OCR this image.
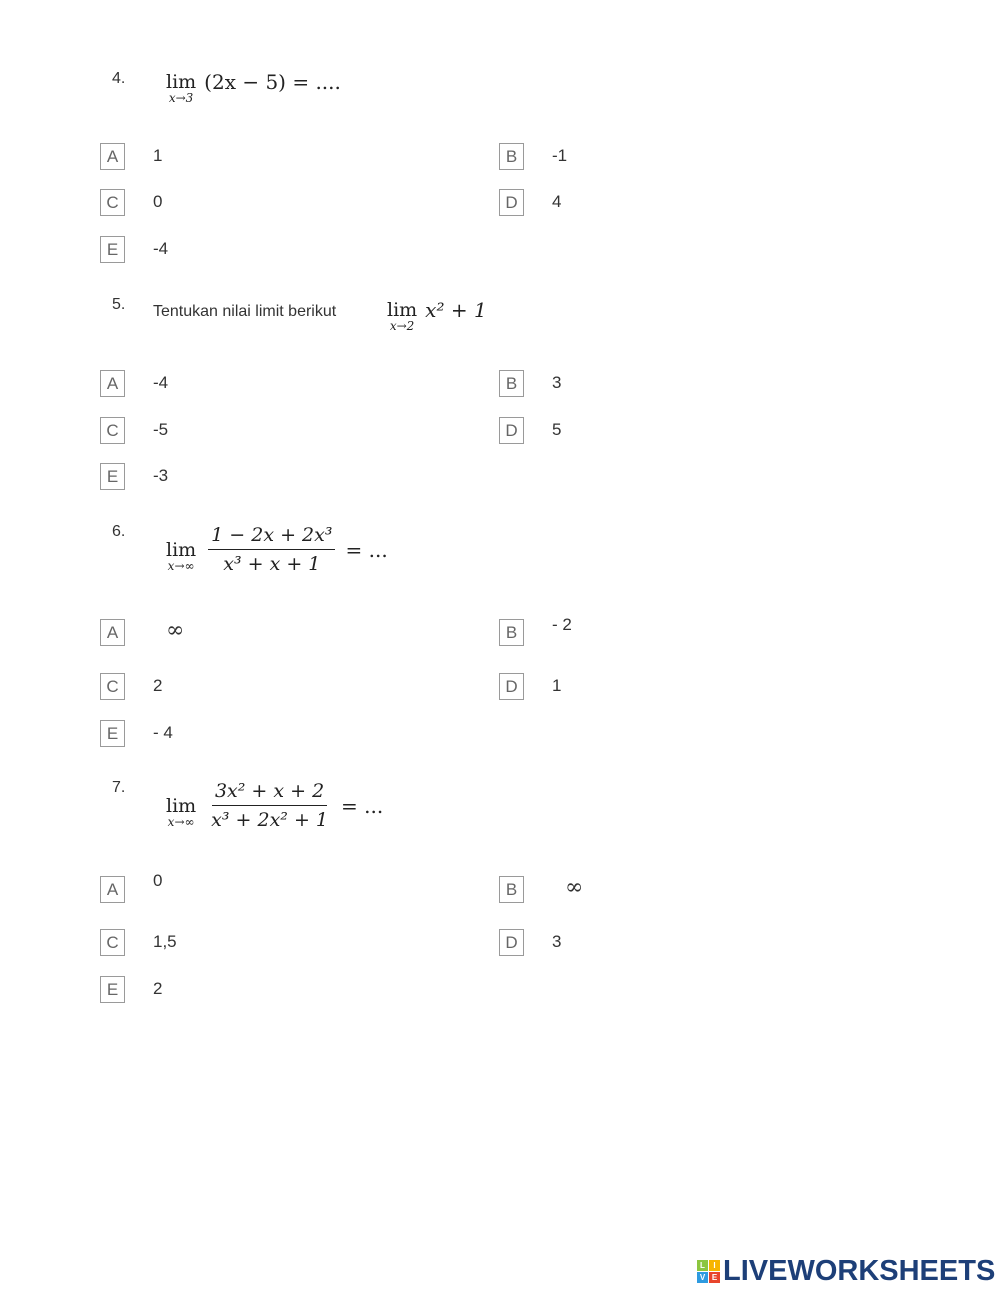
4. lim
x→3
(2x − 5) = ....
A	1	B	-1
C	0	D	4
E	-4
5. Tentukan nilai limit berikut	lim
x→2
x² + 1
A	-4	B	3
C	-5	D	5
E	-3
6.
lim
$x\to\infty \frac{\text{1 − 2x + 2x³}}{\text{x³ + x + 1}}$ = ...
A	∞	B	- 2
C	2	D	1
E	- 4
7.
lim
$x\to\infty \frac{\text{3x² + x + 2}}{\text{x³ + 2x² + 1}}$ = ...
A	0	B	∞
C	1,5	D	3
E	2
L	I
V E LIVEWORKSHEETS
